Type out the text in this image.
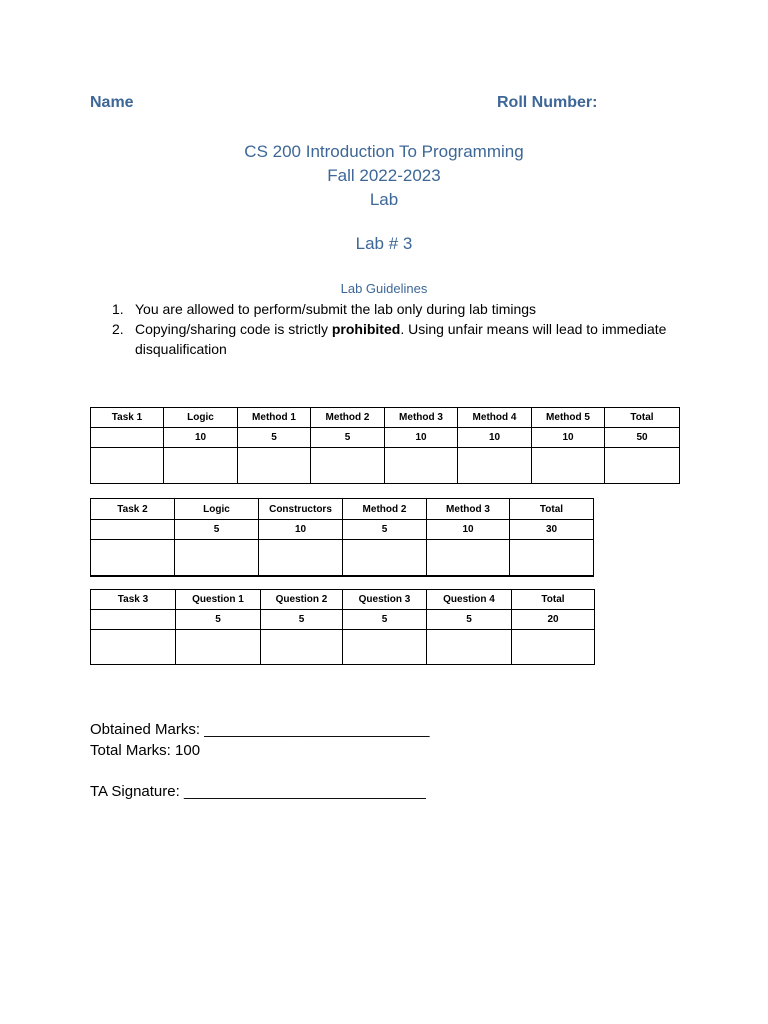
Name	Roll Number:
CS 200 Introduction To Programming
Fall 2022-2023
Lab
Lab # 3
Lab Guidelines
1. You are allowed to perform/submit the lab only during lab timings
2. Copying/sharing code is strictly prohibited. Using unfair means will lead to immediate disqualification
Task 1	Logic	Method 1	Method 2	Method 3	Method 4	Method 5	Total
	10	5	5	10	10	10	50

Task 2	Logic	Constructors	Method 2	Method 3	Total
	5	10	5	10	30

Task 3	Question 1	Question 2	Question 3	Question 4	Total
	5	5	5	5	20

Obtained Marks: ___________________________
Total Marks: 100
TA Signature: _____________________________
